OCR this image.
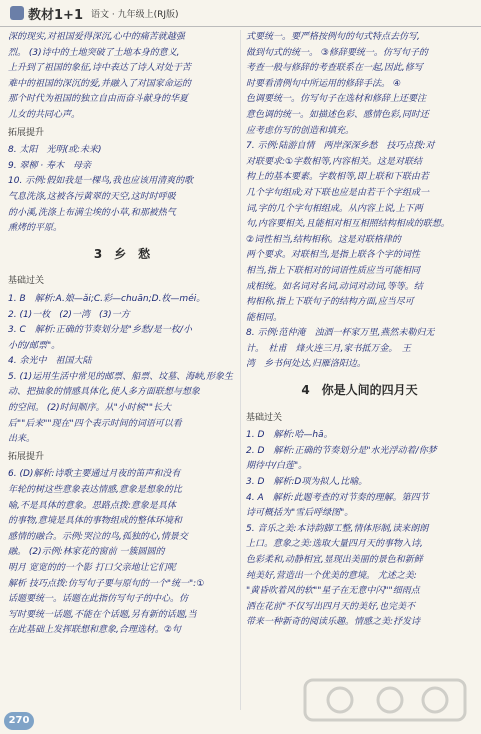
教材1+1 语文 · 九年级上(RJ版)

深的现实,对祖国爱得深沉,心中的痛苦就越强

烈。 (3)诗中的土地突破了土地本身的意义,

上升到了祖国的象征,诗中表达了诗人对处于苦

难中的祖国的深沉的爱,并融入了对国家命运的

那个时代为祖国的独立自由而奋斗献身的华夏

儿女的共同心声。

拓展提升

8. 太阳　光明(或:未来)

9. 翠柳 · 寿木　母亲

10. 示例:假如我是一棵鸟,我也应该用清爽的歌

气息洗涤,这被各污黄翠的天空,这时时呼吸

的小溪,洗涤上布满尘埃的小草,和那被热气

熏烤的平原。

3　乡　愁
基础过关

1. B　解析:A.娘—ǎi;C.彩—chuān;D.枚—méi。

2. (1)一枚　(2)一湾　(3)一方

3. C　解析:正确的节奏划分是"乡愁/是一枚/小

小的/邮票"。

4. 余光中　祖国大陆

5. (1)运用生活中常见的邮票、船票、坟墓、海峡,形象生

动、把抽象的情感具体化,使人多方面联想与想象

的空间。 (2)时间顺序。从"小时候""长大

后""后来""现在"四个表示时间的词语可以看

出来。

拓展提升

6. (D)解析:诗歌主要通过月夜的笛声和没有

年轮的树这些意象表达情感,意象是想象的比

喻,不是具体的意象。思路点拨:意象是具体

的事物,意境是具体的事物组成的整体环境和

感情的融合。示例:哭泣的鸟,孤独的心,情景交

融。 (2)示例:林家花的窗前 一簇圆圆的

明月 宽宽的的一个影 打口父亲地让它们呢

解析 技巧点拨:仿写句子要与原句的一个"统一":①

话题要统一。话题在此指仿写句子的中心。仿

写时要统一话题,不能在个话题,另有新的话题,当

在此基础上发挥联想和意象,合理选材。②句

式要统一。要严格按例句的句式特点去仿写,

做到句式的统一。 ③修辞要统一。仿写句子的

考查一般与修辞的考查联系在一起,因此,修写

时要看清例句中所运用的修辞手法。 ④

色调要统一。仿写句子在选材和修辞上还要注

意色调的统一。如描述色彩、感情色彩,同时还

应考虑仿写的创造和填充。

7. 示例:陆游自情　两岸深深乡愁　技巧点拨:对

对联要求:①字数相等,内容相关。这是对联结

构上的基本要素。字数相等,即上联和下联由若

几个字句组成;对下联也应是由若干个字组成一

词,字的几个字句相组成。从内容上说,上下两

句,内容要相关,且能相对相互相照结构相成的联想。

②词性相当,结构相称。这是对联格律的

两个要求。对联相当,是指上联各个字的词性

相当,指上下联相对的词语性质应当可能相同

成相统。如名词对名词,动词对动词,等等。结

构相称,指上下联句子的结构方面,应当尽可

能相同。

8. 示例:范仲淹　浊酒一杯家万里,燕然未勒归无

计。　杜甫　烽火连三月,家书抵万金。　王

湾　乡书何处达,归雁洛阳边。

4　你是人间的四月天
基础过关

1. D　解析:哈—hā。

2. D　解析:正确的节奏划分是"水光浮动着/你梦

期待中/白莲"。

3. D　解析:D项为拟人,比喻。

4. A　解析:此题考查的对节奏的理解。第四节

诗可概括为"雪后呼绿图"。

5. 音乐之美:本诗韵脚工整,情体形制,读来朗朗

上口。意象之美:选取大量四月天的事物入诗,

色彩柔和,动静相宜,显现出美丽的景色和新鲜

纯美好,营造出一个优美的意境。 尤述之美:

"黄昏吹着风的软""星子在无意中闪""细雨点

洒在花前"不仅写出四月天的美好,也完美不

带来一种新奇的阅读乐趣。情感之美:抒发诗

270
